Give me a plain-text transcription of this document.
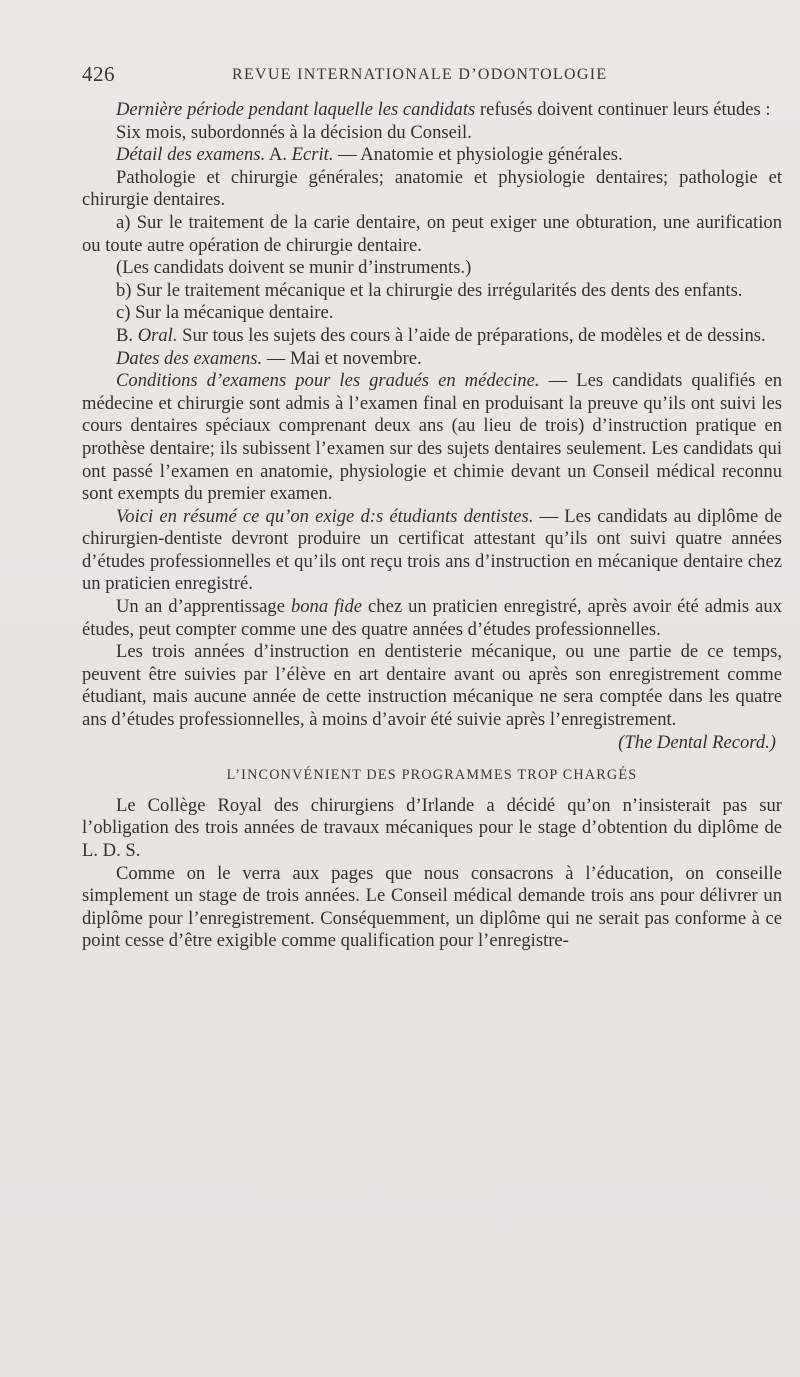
426	REVUE INTERNATIONALE D’ODONTOLOGIE

Dernière période pendant laquelle les candidats refusés doivent continuer leurs études :

Six mois, subordonnés à la décision du Conseil.

Détail des examens. A. Ecrit. — Anatomie et physiologie générales.

Pathologie et chirurgie générales; anatomie et physiologie dentaires; pathologie et chirurgie dentaires.

a) Sur le traitement de la carie dentaire, on peut exiger une obturation, une aurification ou toute autre opération de chirurgie dentaire.

(Les candidats doivent se munir d’instruments.)

b) Sur le traitement mécanique et la chirurgie des irrégularités des dents des enfants.

c) Sur la mécanique dentaire.

B. Oral. Sur tous les sujets des cours à l’aide de préparations, de modèles et de dessins.

Dates des examens. — Mai et novembre.

Conditions d’examens pour les gradués en médecine. — Les candidats qualifiés en médecine et chirurgie sont admis à l’examen final en produisant la preuve qu’ils ont suivi les cours dentaires spéciaux comprenant deux ans (au lieu de trois) d’instruction pratique en prothèse dentaire; ils subissent l’examen sur des sujets dentaires seulement. Les candidats qui ont passé l’examen en anatomie, physiologie et chimie devant un Conseil médical reconnu sont exempts du premier examen.

Voici en résumé ce qu’on exige d:s étudiants dentistes. — Les candidats au diplôme de chirurgien-dentiste devront produire un certificat attestant qu’ils ont suivi quatre années d’études professionnelles et qu’ils ont reçu trois ans d’instruction en mécanique dentaire chez un praticien enregistré.

Un an d’apprentissage bona fide chez un praticien enregistré, après avoir été admis aux études, peut compter comme une des quatre années d’études professionnelles.

Les trois années d’instruction en dentisterie mécanique, ou une partie de ce temps, peuvent être suivies par l’élève en art dentaire avant ou après son enregistrement comme étudiant, mais aucune année de cette instruction mécanique ne sera comptée dans les quatre ans d’études professionnelles, à moins d’avoir été suivie après l’enregistrement.

(The Dental Record.)

L’INCONVÉNIENT DES PROGRAMMES TROP CHARGÉS

Le Collège Royal des chirurgiens d’Irlande a décidé qu’on n’insisterait pas sur l’obligation des trois années de travaux mécaniques pour le stage d’obtention du diplôme de L. D. S.

Comme on le verra aux pages que nous consacrons à l’éducation, on conseille simplement un stage de trois années. Le Conseil médical demande trois ans pour délivrer un diplôme pour l’enregistrement. Conséquemment, un diplôme qui ne serait pas conforme à ce point cesse d’être exigible comme qualification pour l’enregistre-
